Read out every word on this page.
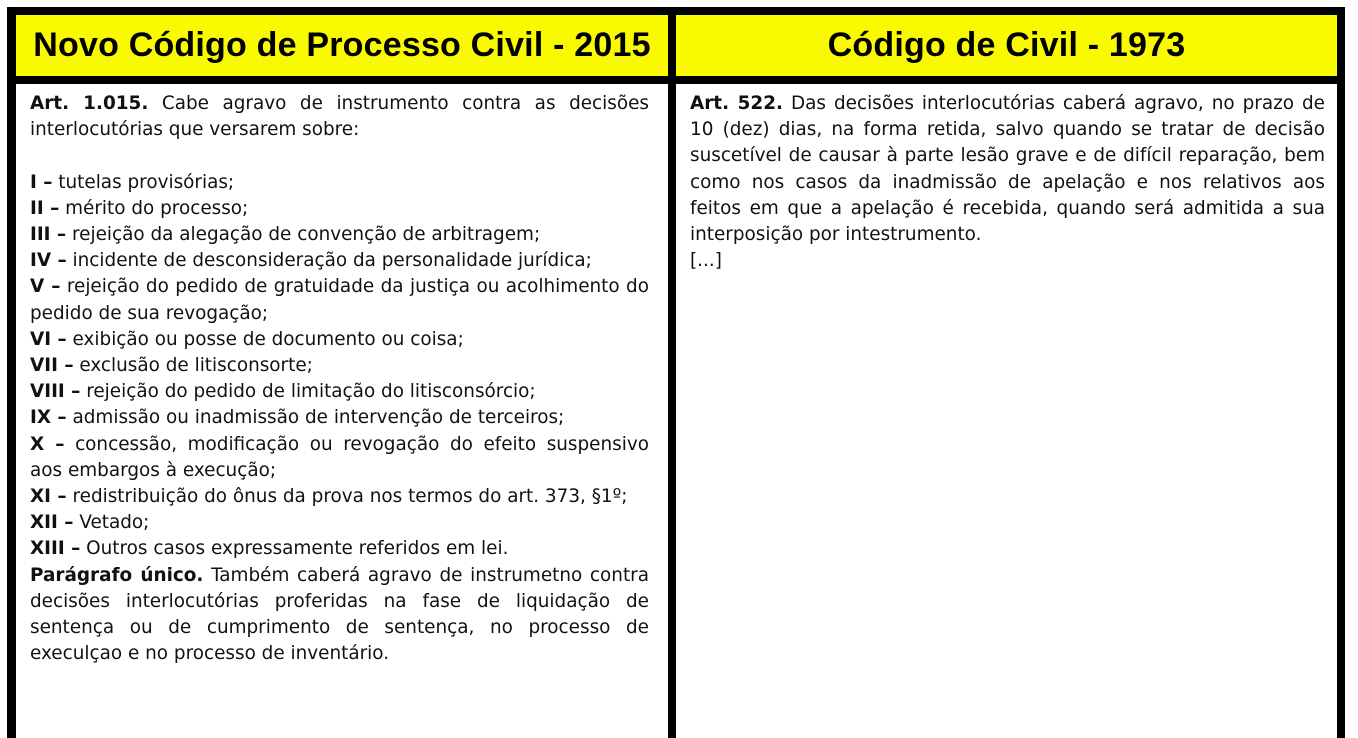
Novo Código de Processo Civil - 2015	Código de Civil - 1973
Art. 1.015. Cabe agravo de instrumento contra as decisões interlocutórias que versarem sobre:
I – tutelas provisórias;
II – mérito do processo;
III – rejeição da alegação de convenção de arbitragem;
IV – incidente de desconsideração da personalidade jurídica;
V – rejeição do pedido de gratuidade da justiça ou acolhimento do pedido de sua revogação;
VI – exibição ou posse de documento ou coisa;
VII – exclusão de litisconsorte;
VIII – rejeição do pedido de limitação do litisconsórcio;
IX – admissão ou inadmissão de intervenção de terceiros;
X – concessão, modificação ou revogação do efeito suspensivo aos embargos à execução;
XI – redistribuição do ônus da prova nos termos do art. 373, §1º;
XII – Vetado;
XIII – Outros casos expressamente referidos em lei.
Parágrafo único. Também caberá agravo de instrumetno contra decisões interlocutórias proferidas na fase de liquidação de sentença ou de cumprimento de sentença, no processo de execulçao e no processo de inventário.
Art. 522. Das decisões interlocutórias caberá agravo, no prazo de 10 (dez) dias, na forma retida, salvo quando se tratar de decisão suscetível de causar à parte lesão grave e de difícil reparação, bem como nos casos da inadmissão de apelação e nos relativos aos feitos em que a apelação é recebida, quando será admitida a sua interposição por intestrumento.
[...]
